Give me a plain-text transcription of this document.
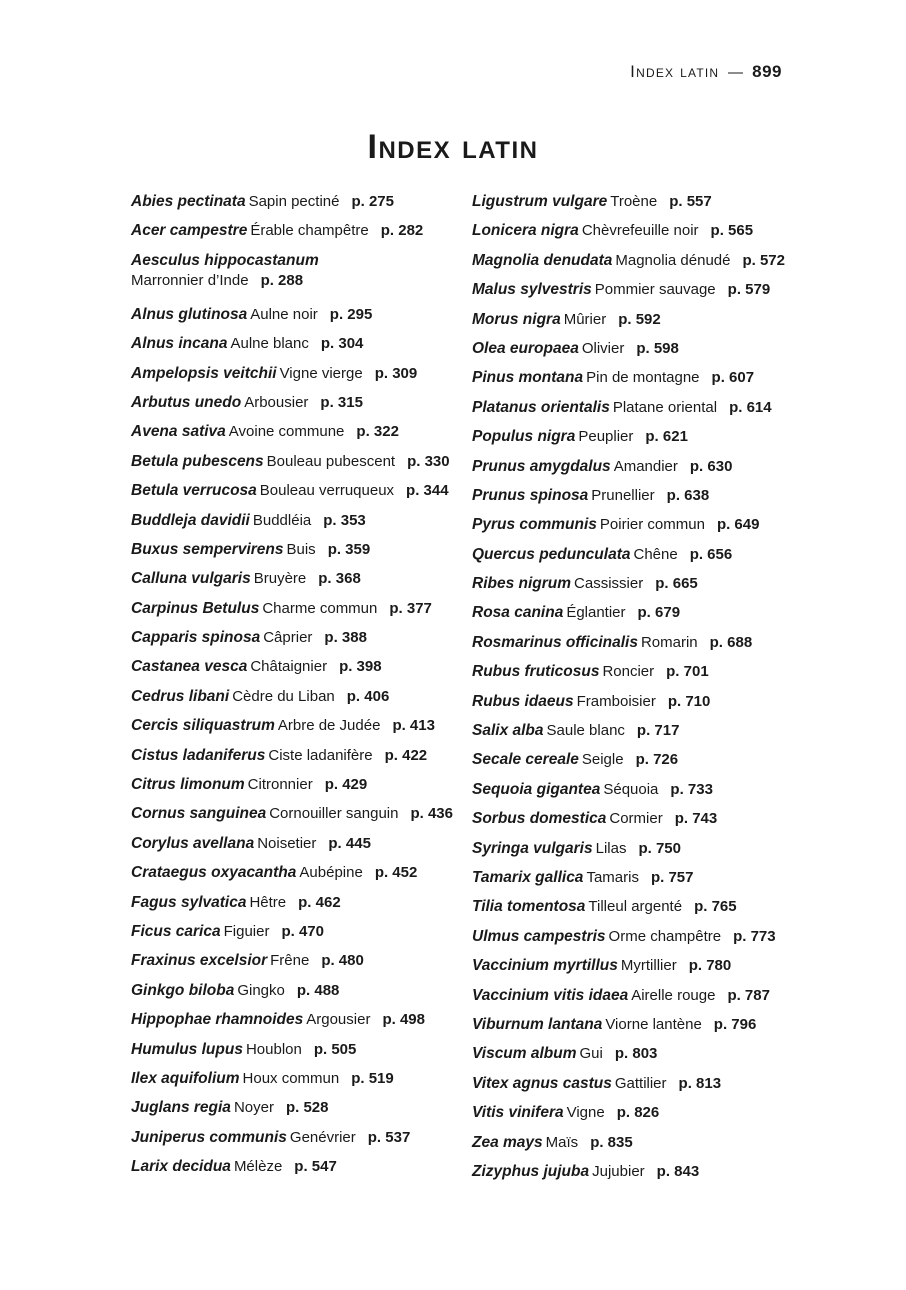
Index latin — 899
Index latin
Abies pectinata Sapin pectiné p. 275
Acer campestre Érable champêtre p. 282
Aesculus hippocastanum
Marronnier d’Inde p. 288
Alnus glutinosa Aulne noir p. 295
Alnus incana Aulne blanc p. 304
Ampelopsis veitchii Vigne vierge p. 309
Arbutus unedo Arbousier p. 315
Avena sativa Avoine commune p. 322
Betula pubescens Bouleau pubescent p. 330
Betula verrucosa Bouleau verruqueux p. 344
Buddleja davidii Buddléia p. 353
Buxus sempervirens Buis p. 359
Calluna vulgaris Bruyère p. 368
Carpinus Betulus Charme commun p. 377
Capparis spinosa Câprier p. 388
Castanea vesca Châtaignier p. 398
Cedrus libani Cèdre du Liban p. 406
Cercis siliquastrum Arbre de Judée p. 413
Cistus ladaniferus Ciste ladanifère p. 422
Citrus limonum Citronnier p. 429
Cornus sanguinea Cornouiller sanguin p. 436
Corylus avellana Noisetier p. 445
Crataegus oxyacantha Aubépine p. 452
Fagus sylvatica Hêtre p. 462
Ficus carica Figuier p. 470
Fraxinus excelsior Frêne p. 480
Ginkgo biloba Gingko p. 488
Hippophae rhamnoides Argousier p. 498
Humulus lupus Houblon p. 505
Ilex aquifolium Houx commun p. 519
Juglans regia Noyer p. 528
Juniperus communis Genévrier p. 537
Larix decidua Mélèze p. 547
Ligustrum vulgare Troène p. 557
Lonicera nigra Chèvrefeuille noir p. 565
Magnolia denudata Magnolia dénudé p. 572
Malus sylvestris Pommier sauvage p. 579
Morus nigra Mûrier p. 592
Olea europaea Olivier p. 598
Pinus montana Pin de montagne p. 607
Platanus orientalis Platane oriental p. 614
Populus nigra Peuplier p. 621
Prunus amygdalus Amandier p. 630
Prunus spinosa Prunellier p. 638
Pyrus communis Poirier commun p. 649
Quercus pedunculata Chêne p. 656
Ribes nigrum Cassissier p. 665
Rosa canina Églantier p. 679
Rosmarinus officinalis Romarin p. 688
Rubus fruticosus Roncier p. 701
Rubus idaeus Framboisier p. 710
Salix alba Saule blanc p. 717
Secale cereale Seigle p. 726
Sequoia gigantea Séquoia p. 733
Sorbus domestica Cormier p. 743
Syringa vulgaris Lilas p. 750
Tamarix gallica Tamaris p. 757
Tilia tomentosa Tilleul argenté p. 765
Ulmus campestris Orme champêtre p. 773
Vaccinium myrtillus Myrtillier p. 780
Vaccinium vitis idaea Airelle rouge p. 787
Viburnum lantana Viorne lantène p. 796
Viscum album Gui p. 803
Vitex agnus castus Gattilier p. 813
Vitis vinifera Vigne p. 826
Zea mays Maïs p. 835
Zizyphus jujuba Jujubier p. 843
